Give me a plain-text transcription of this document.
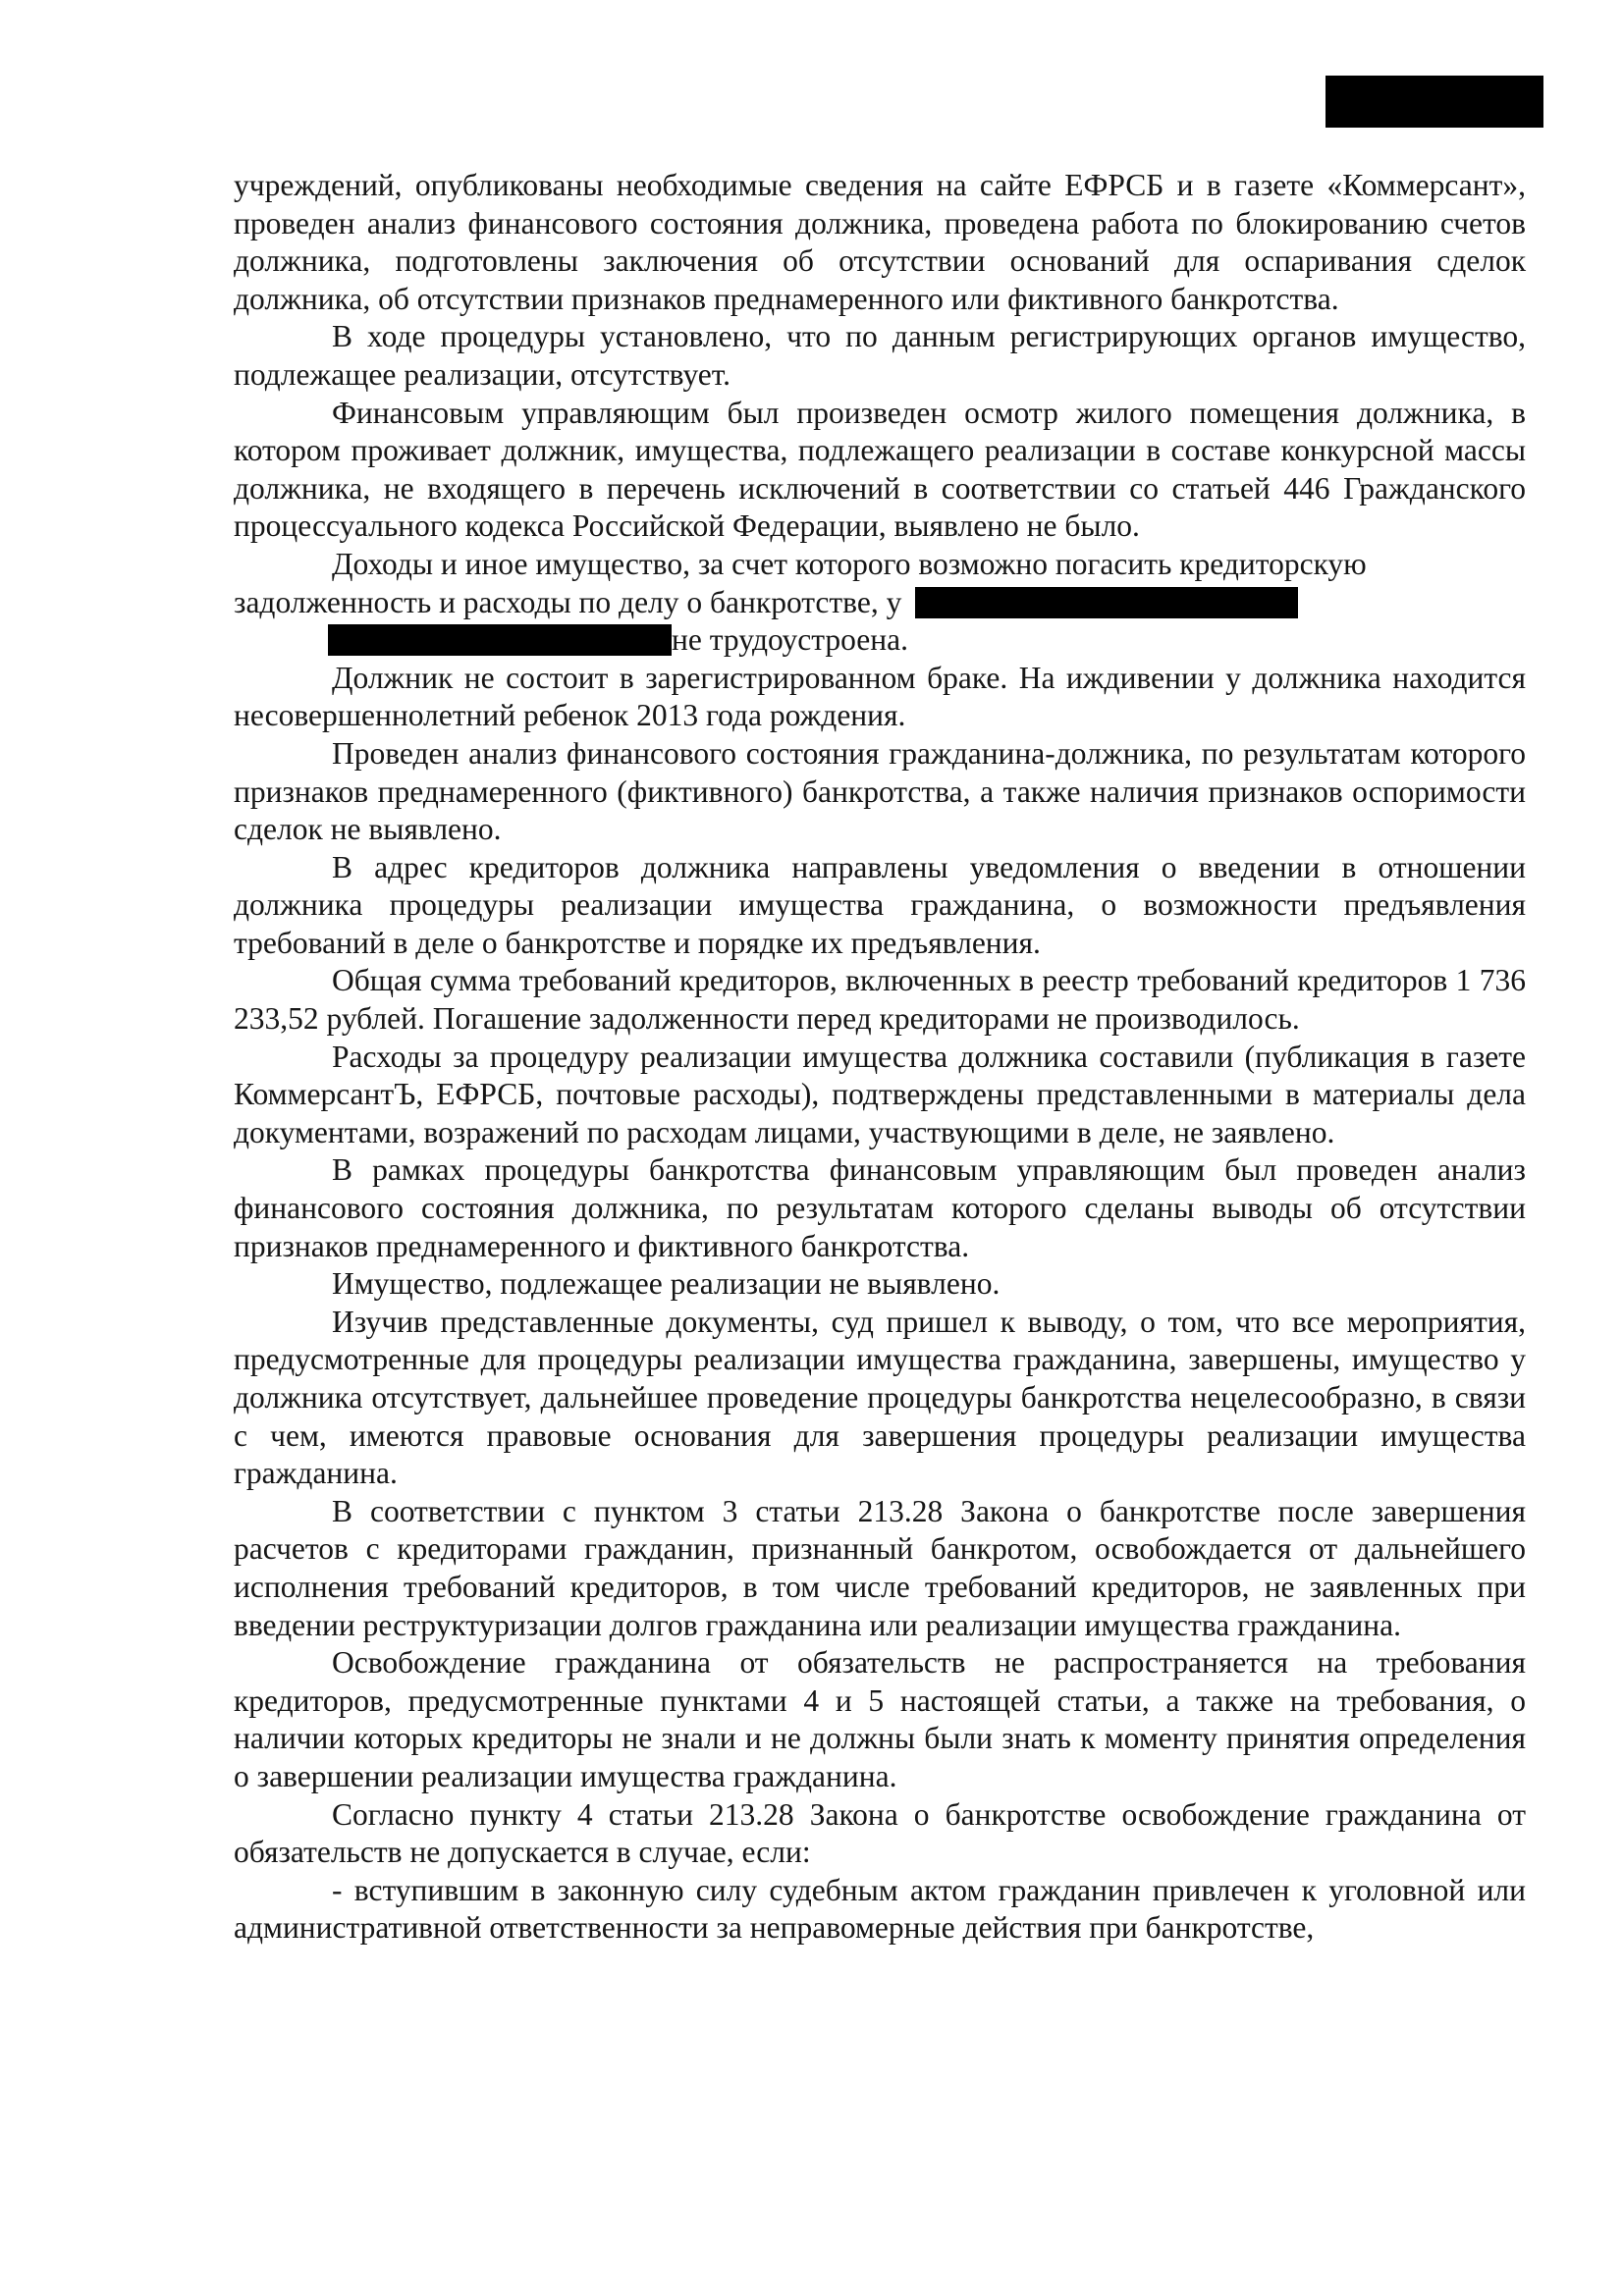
учреждений, опубликованы необходимые сведения на сайте ЕФРСБ и в газете «Коммерсант», проведен анализ финансового состояния должника, проведена работа по блокированию счетов должника, подготовлены заключения об отсутствии оснований для оспаривания сделок должника, об отсутствии признаков преднамеренного или фиктивного банкротства.

В ходе процедуры установлено, что по данным регистрирующих органов имущество, подлежащее реализации, отсутствует.

Финансовым управляющим был произведен осмотр жилого помещения должника, в котором проживает должник, имущества, подлежащего реализации в составе конкурсной массы должника, не входящего в перечень исключений в соответствии со статьей 446 Гражданского процессуального кодекса Российской Федерации, выявлено не было.

Доходы и иное имущество, за счет которого возможно погасить кредиторскую

задолженность и расходы по делу о банкротстве, у

не трудоустроена.

Должник не состоит в зарегистрированном браке. На иждивении у должника находится несовершеннолетний ребенок 2013 года рождения.

Проведен анализ финансового состояния гражданина-должника, по результатам которого признаков преднамеренного (фиктивного) банкротства, а также наличия признаков оспоримости сделок не выявлено.

В адрес кредиторов должника направлены уведомления о введении в отношении должника процедуры реализации имущества гражданина, о возможности предъявления требований в деле о банкротстве и порядке их предъявления.

Общая сумма требований кредиторов, включенных в реестр требований кредиторов 1 736 233,52 рублей. Погашение задолженности перед кредиторами не производилось.

Расходы за процедуру реализации имущества должника составили (публикация в газете КоммерсантЪ, ЕФРСБ, почтовые расходы), подтверждены представленными в материалы дела документами, возражений по расходам лицами, участвующими в деле, не заявлено.

В рамках процедуры банкротства финансовым управляющим был проведен анализ финансового состояния должника, по результатам которого сделаны выводы об отсутствии признаков преднамеренного и фиктивного банкротства.

Имущество, подлежащее реализации не выявлено.

Изучив представленные документы, суд пришел к выводу, о том, что все мероприятия, предусмотренные для процедуры реализации имущества гражданина, завершены, имущество у должника отсутствует, дальнейшее проведение процедуры банкротства нецелесообразно, в связи с чем, имеются правовые основания для завершения процедуры реализации имущества гражданина.

В соответствии с пунктом 3 статьи 213.28 Закона о банкротстве после завершения расчетов с кредиторами гражданин, признанный банкротом, освобождается от дальнейшего исполнения требований кредиторов, в том числе требований кредиторов, не заявленных при введении реструктуризации долгов гражданина или реализации имущества гражданина.

Освобождение гражданина от обязательств не распространяется на требования кредиторов, предусмотренные пунктами 4 и 5 настоящей статьи, а также на требования, о наличии которых кредиторы не знали и не должны были знать к моменту принятия определения о завершении реализации имущества гражданина.

Согласно пункту 4 статьи 213.28 Закона о банкротстве освобождение гражданина от обязательств не допускается в случае, если:

- вступившим в законную силу судебным актом гражданин привлечен к уголовной или административной ответственности за неправомерные действия при банкротстве,
